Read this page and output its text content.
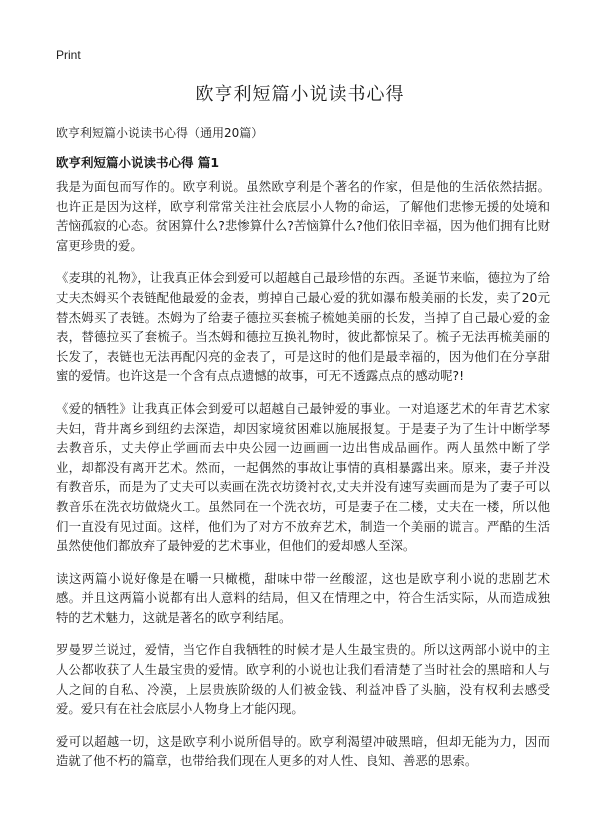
Print
欧亨利短篇小说读书心得

欧亨利短篇小说读书心得（通用20篇）

欧亨利短篇小说读书心得 篇1

我是为面包而写作的。欧亨利说。虽然欧亨利是个著名的作家，但是他的生活依然拮据。也许正是因为这样，欧亨利常常关注社会底层小人物的命运，了解他们悲惨无援的处境和苦恼孤寂的心态。贫困算什么?悲惨算什么?苦恼算什么?他们依旧幸福，因为他们拥有比财富更珍贵的爱。

《麦琪的礼物》，让我真正体会到爱可以超越自己最珍惜的东西。圣诞节来临，德拉为了给丈夫杰姆买个表链配他最爱的金表，剪掉自己最心爱的犹如瀑布般美丽的长发，卖了20元替杰姆买了表链。杰姆为了给妻子德拉买套梳子梳她美丽的长发，当掉了自己最心爱的金表，替德拉买了套梳子。当杰姆和德拉互换礼物时，彼此都惊呆了。梳子无法再梳美丽的长发了，表链也无法再配闪亮的金表了，可是这时的他们是最幸福的，因为他们在分享甜蜜的爱情。也许这是一个含有点点遗憾的故事，可无不透露点点的感动呢?!

《爱的牺牲》让我真正体会到爱可以超越自己最钟爱的事业。一对追逐艺术的年青艺术家夫妇，背井离乡到纽约去深造，却因家境贫困难以施展报复。于是妻子为了生计中断学琴去教音乐，丈夫停止学画而去中央公园一边画画一边出售成品画作。两人虽然中断了学业，却都没有离开艺术。然而，一起偶然的事故让事情的真相暴露出来。原来，妻子并没有教音乐，而是为了丈夫可以卖画在洗衣坊烫衬衣,丈夫并没有速写卖画而是为了妻子可以教音乐在洗衣坊做烧火工。虽然同在一个洗衣坊，可是妻子在二楼，丈夫在一楼，所以他们一直没有见过面。这样，他们为了对方不放弃艺术，制造一个美丽的谎言。严酷的生活虽然使他们都放弃了最钟爱的艺术事业，但他们的爱却感人至深。

读这两篇小说好像是在嚼一只橄榄，甜味中带一丝酸涩，这也是欧亨利小说的悲剧艺术感。并且这两篇小说都有出人意料的结局，但又在情理之中，符合生活实际，从而造成独特的艺术魅力，这就是著名的欧亨利结尾。

罗曼罗兰说过，爱情，当它作自我牺牲的时候才是人生最宝贵的。所以这两部小说中的主人公都收获了人生最宝贵的爱情。欧亨利的小说也让我们看清楚了当时社会的黑暗和人与人之间的自私、冷漠，上层贵族阶级的人们被金钱、利益冲昏了头脑，没有权利去感受爱。爱只有在社会底层小人物身上才能闪现。

爱可以超越一切，这是欧亨利小说所倡导的。欧亨利渴望冲破黑暗，但却无能为力，因而造就了他不朽的篇章，也带给我们现在人更多的对人性、良知、善恶的思索。
